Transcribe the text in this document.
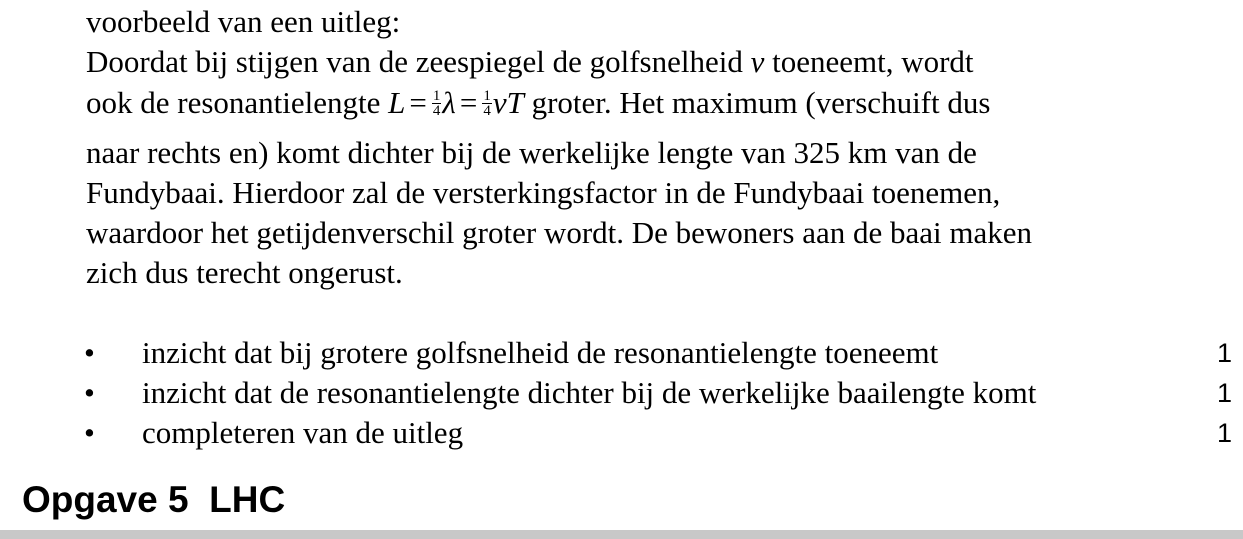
voorbeeld van een uitleg:
Doordat bij stijgen van de zeespiegel de golfsnelheid v toeneemt, wordt
ook de resonantielengte $L = \frac{1}{4}$ $\lambda = \frac{1}{4}$ vT groter. Het maximum (verschuift dus
naar rechts en) komt dichter bij de werkelijke lengte van 325 km van de
Fundybaai. Hierdoor zal de versterkingsfactor in de Fundybaai toenemen,
waardoor het getijdenverschil groter wordt. De bewoners aan de baai maken
zich dus terecht ongerust.
• inzicht dat bij grotere golfsnelheid de resonantielengte toeneemt	1
• inzicht dat de resonantielengte dichter bij de werkelijke baailengte komt	1
• completeren van de uitleg	1
Opgave 5  LHC
